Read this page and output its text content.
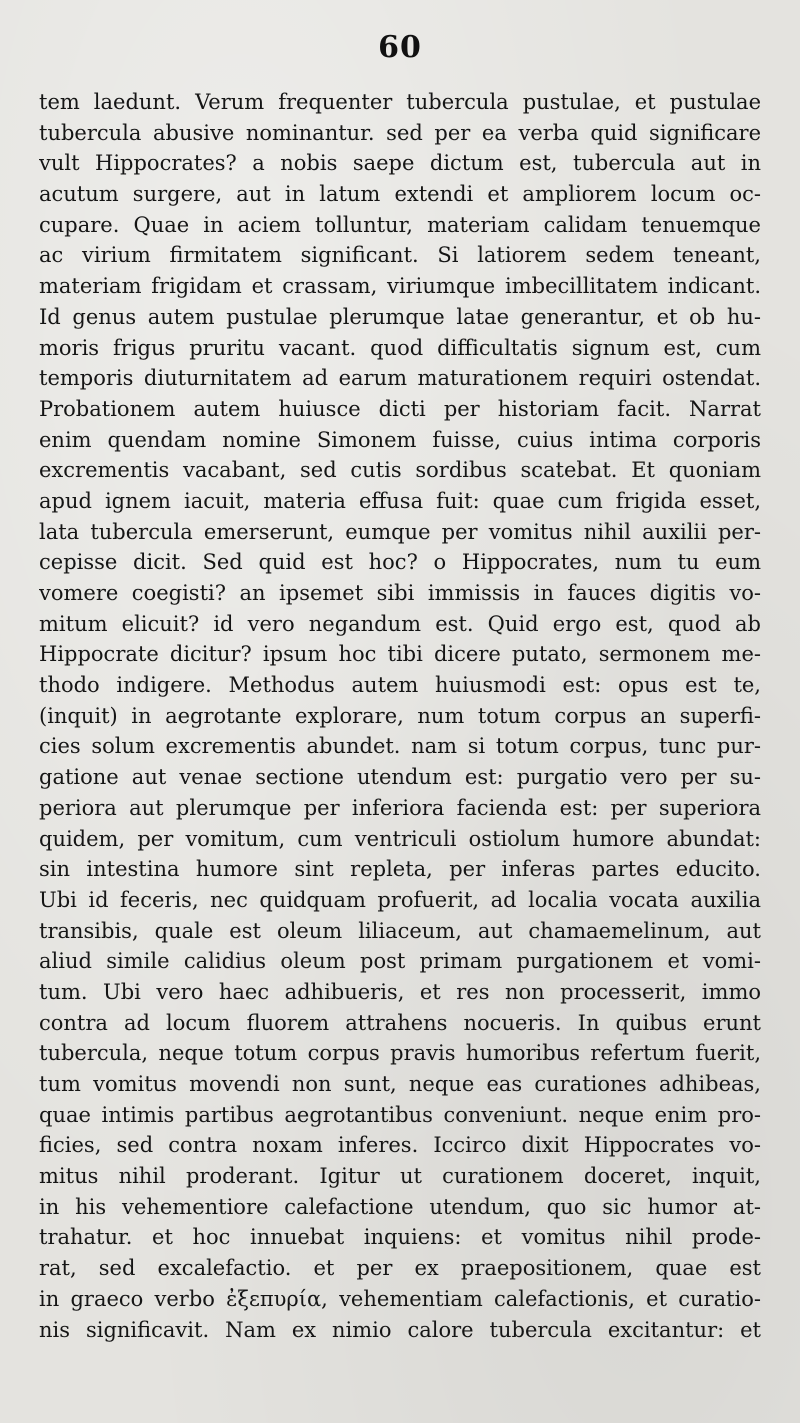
60
tem laedunt. Verum frequenter tubercula pustulae, et pustulae
tubercula abusive nominantur. sed per ea verba quid significare
vult Hippocrates? a nobis saepe dictum est, tubercula aut in
acutum surgere, aut in latum extendi et ampliorem locum oc-
cupare. Quae in aciem tolluntur, materiam calidam tenuemque
ac virium firmitatem significant. Si latiorem sedem teneant,
materiam frigidam et crassam, viriumque imbecillitatem indicant.
Id genus autem pustulae plerumque latae generantur, et ob hu-
moris frigus pruritu vacant. quod difficultatis signum est, cum
temporis diuturnitatem ad earum maturationem requiri ostendat.
Probationem autem huiusce dicti per historiam facit. Narrat
enim quendam nomine Simonem fuisse, cuius intima corporis
excrementis vacabant, sed cutis sordibus scatebat. Et quoniam
apud ignem iacuit, materia effusa fuit: quae cum frigida esset,
lata tubercula emerserunt, eumque per vomitus nihil auxilii per-
cepisse dicit. Sed quid est hoc? o Hippocrates, num tu eum
vomere coegisti? an ipsemet sibi immissis in fauces digitis vo-
mitum elicuit? id vero negandum est. Quid ergo est, quod ab
Hippocrate dicitur? ipsum hoc tibi dicere putato, sermonem me-
thodo indigere. Methodus autem huiusmodi est: opus est te,
(inquit) in aegrotante explorare, num totum corpus an superfi-
cies solum excrementis abundet. nam si totum corpus, tunc pur-
gatione aut venae sectione utendum est: purgatio vero per su-
periora aut plerumque per inferiora facienda est: per superiora
quidem, per vomitum, cum ventriculi ostiolum humore abundat:
sin intestina humore sint repleta, per inferas partes educito.
Ubi id feceris, nec quidquam profuerit, ad localia vocata auxilia
transibis, quale est oleum liliaceum, aut chamaemelinum, aut
aliud simile calidius oleum post primam purgationem et vomi-
tum. Ubi vero haec adhibueris, et res non processerit, immo
contra ad locum fluorem attrahens nocueris. In quibus erunt
tubercula, neque totum corpus pravis humoribus refertum fuerit,
tum vomitus movendi non sunt, neque eas curationes adhibeas,
quae intimis partibus aegrotantibus conveniunt. neque enim pro-
ficies, sed contra noxam inferes. Iccirco dixit Hippocrates vo-
mitus nihil proderant. Igitur ut curationem doceret, inquit,
in his vehementiore calefactione utendum, quo sic humor at-
trahatur. et hoc innuebat inquiens: et vomitus nihil prode-
rat, sed excalefactio. et per ex praepositionem, quae est
in graeco verbo ἐξεπυρία, vehementiam calefactionis, et curatio-
nis significavit. Nam ex nimio calore tubercula excitantur: et
